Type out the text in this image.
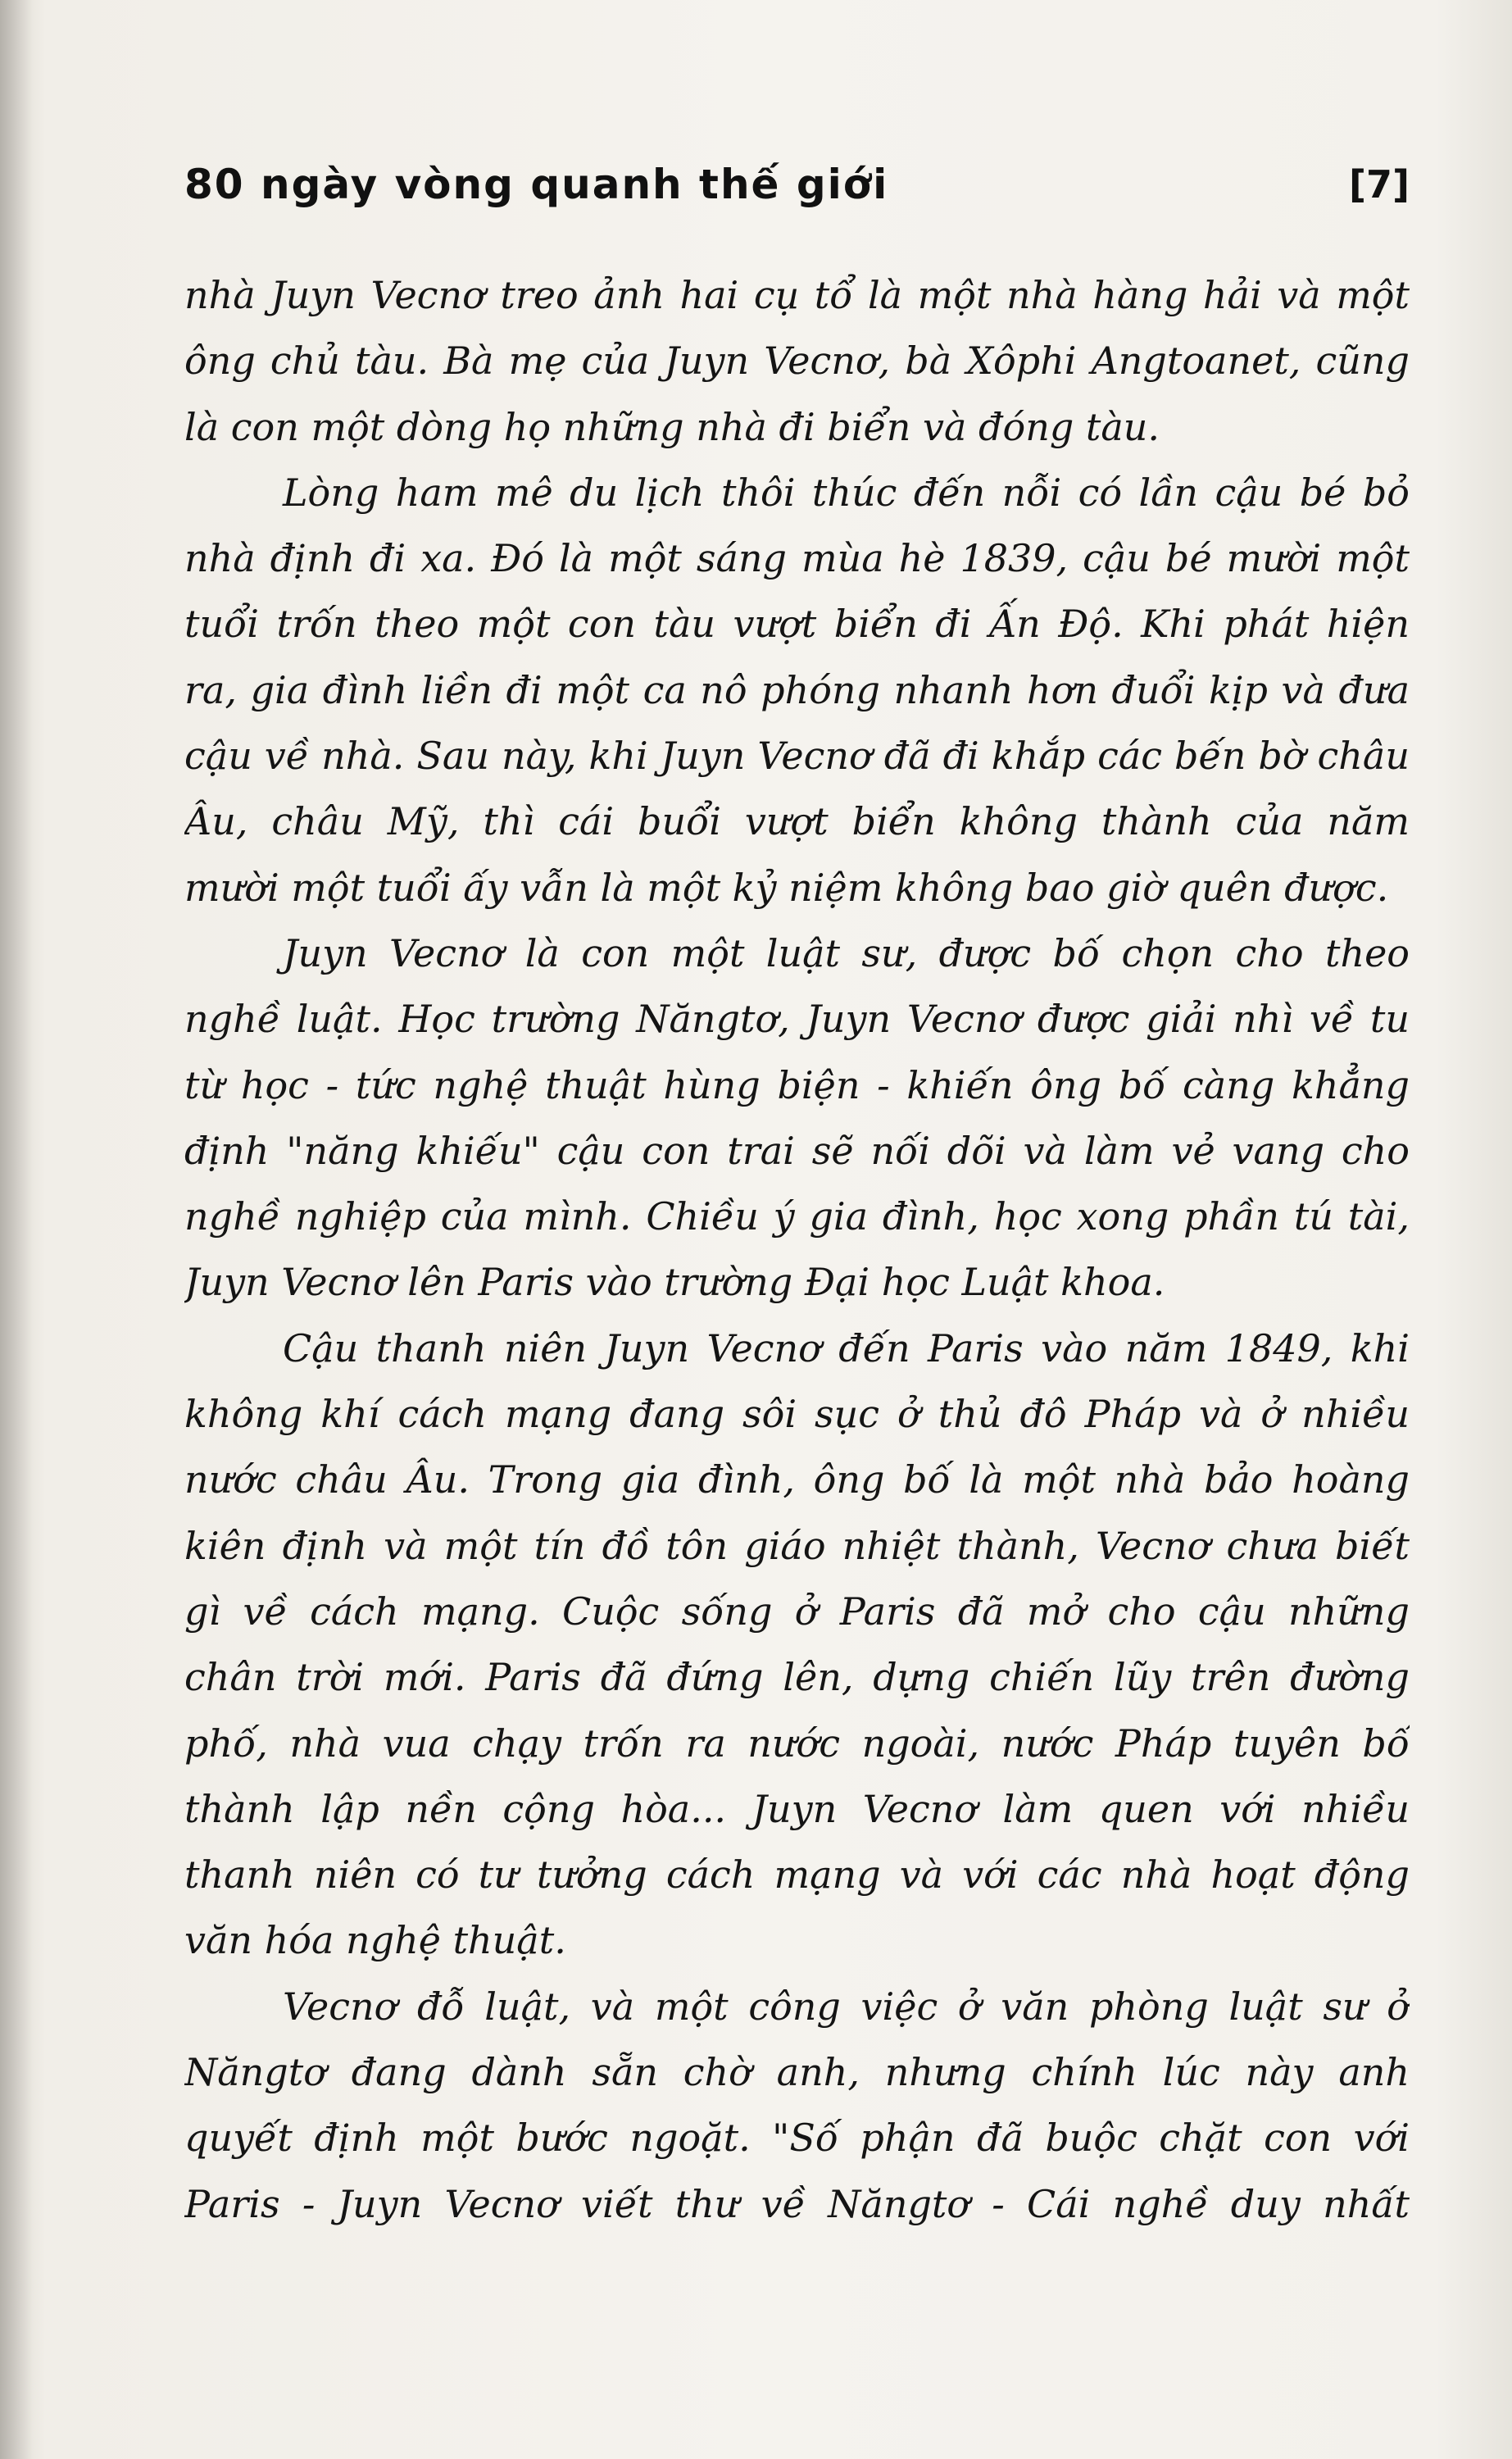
80 ngày vòng quanh thế giới	[7]
nhà Juyn Vecnơ treo ảnh hai cụ tổ là một nhà hàng hải và một
ông chủ tàu. Bà mẹ của Juyn Vecnơ, bà Xôphi Angtoanet, cũng
là con một dòng họ những nhà đi biển và đóng tàu.
Lòng ham mê du lịch thôi thúc đến nỗi có lần cậu bé bỏ
nhà định đi xa. Đó là một sáng mùa hè 1839, cậu bé mười một
tuổi trốn theo một con tàu vượt biển đi Ấn Độ. Khi phát hiện
ra, gia đình liền đi một ca nô phóng nhanh hơn đuổi kịp và đưa
cậu về nhà. Sau này, khi Juyn Vecnơ đã đi khắp các bến bờ châu
Âu, châu Mỹ, thì cái buổi vượt biển không thành của năm
mười một tuổi ấy vẫn là một kỷ niệm không bao giờ quên được.
Juyn Vecnơ là con một luật sư, được bố chọn cho theo
nghề luật. Học trường Năngtơ, Juyn Vecnơ được giải nhì về tu
từ học - tức nghệ thuật hùng biện - khiến ông bố càng khẳng
định "năng khiếu" cậu con trai sẽ nối dõi và làm vẻ vang cho
nghề nghiệp của mình. Chiều ý gia đình, học xong phần tú tài,
Juyn Vecnơ lên Paris vào trường Đại học Luật khoa.
Cậu thanh niên Juyn Vecnơ đến Paris vào năm 1849, khi
không khí cách mạng đang sôi sục ở thủ đô Pháp và ở nhiều
nước châu Âu. Trong gia đình, ông bố là một nhà bảo hoàng
kiên định và một tín đồ tôn giáo nhiệt thành, Vecnơ chưa biết
gì về cách mạng. Cuộc sống ở Paris đã mở cho cậu những
chân trời mới. Paris đã đứng lên, dựng chiến lũy trên đường
phố, nhà vua chạy trốn ra nước ngoài, nước Pháp tuyên bố
thành lập nền cộng hòa... Juyn Vecnơ làm quen với nhiều
thanh niên có tư tưởng cách mạng và với các nhà hoạt động
văn hóa nghệ thuật.
Vecnơ đỗ luật, và một công việc ở văn phòng luật sư ở
Năngtơ đang dành sẵn chờ anh, nhưng chính lúc này anh
quyết định một bước ngoặt. "Số phận đã buộc chặt con với
Paris - Juyn Vecnơ viết thư về Năngtơ - Cái nghề duy nhất
